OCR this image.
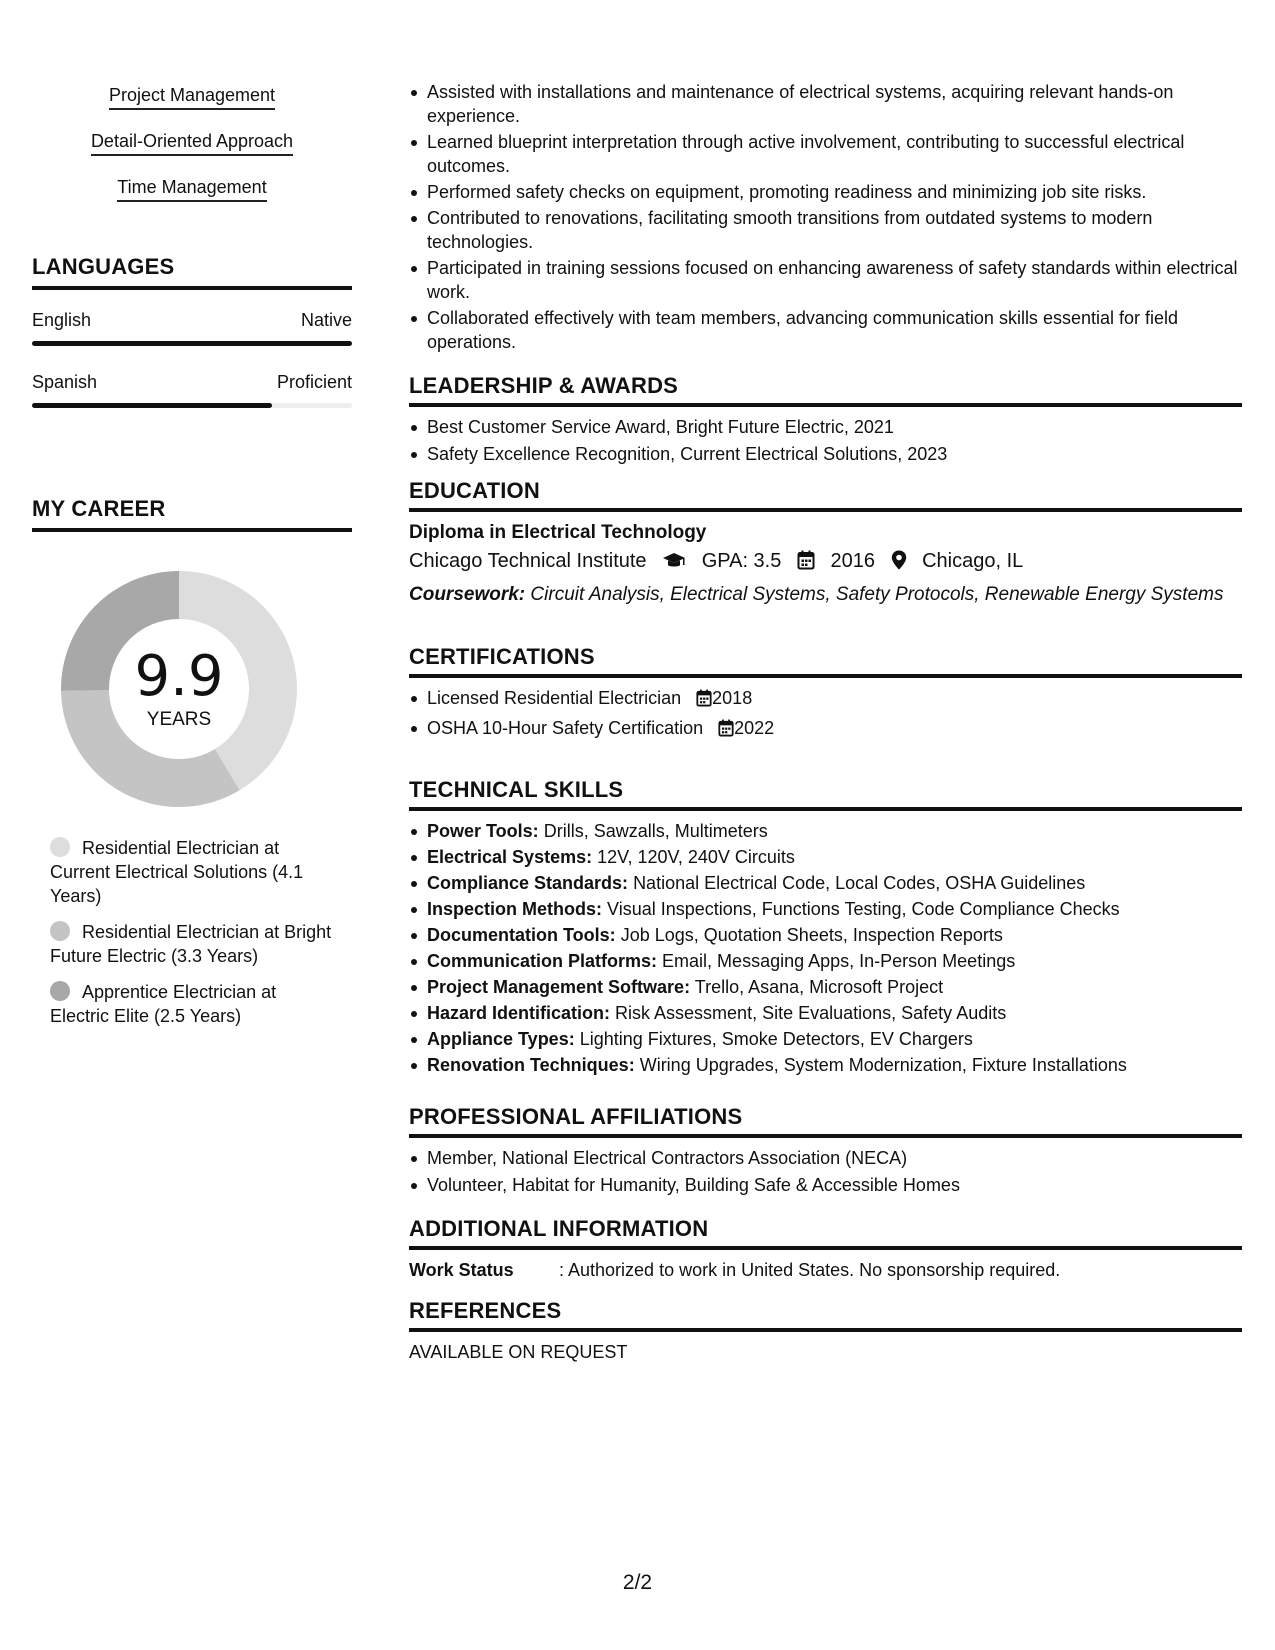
Project Management
Detail-Oriented Approach
Time Management
LANGUAGES
English	Native
Spanish	Proficient
MY CAREER
9.9
YEARS
Residential Electrician at Current Electrical Solutions (4.1 Years)
Residential Electrician at Bright Future Electric (3.3 Years)
Apprentice Electrician at Electric Elite (2.5 Years)
Assisted with installations and maintenance of electrical systems, acquiring relevant hands-on experience.
Learned blueprint interpretation through active involvement, contributing to successful electrical outcomes.
Performed safety checks on equipment, promoting readiness and minimizing job site risks.
Contributed to renovations, facilitating smooth transitions from outdated systems to modern technologies.
Participated in training sessions focused on enhancing awareness of safety standards within electrical work.
Collaborated effectively with team members, advancing communication skills essential for field operations.
LEADERSHIP & AWARDS
Best Customer Service Award, Bright Future Electric, 2021
Safety Excellence Recognition, Current Electrical Solutions, 2023
EDUCATION
Diploma in Electrical Technology
Chicago Technical Institute	GPA: 3.5 2016 Chicago, IL
Coursework: Circuit Analysis, Electrical Systems, Safety Protocols, Renewable Energy Systems
CERTIFICATIONS
Licensed Residential Electrician 2018
OSHA 10-Hour Safety Certification 2022
TECHNICAL SKILLS
Power Tools: Drills, Sawzalls, Multimeters
Electrical Systems: 12V, 120V, 240V Circuits
Compliance Standards: National Electrical Code, Local Codes, OSHA Guidelines
Inspection Methods: Visual Inspections, Functions Testing, Code Compliance Checks
Documentation Tools: Job Logs, Quotation Sheets, Inspection Reports
Communication Platforms: Email, Messaging Apps, In-Person Meetings
Project Management Software: Trello, Asana, Microsoft Project
Hazard Identification: Risk Assessment, Site Evaluations, Safety Audits
Appliance Types: Lighting Fixtures, Smoke Detectors, EV Chargers
Renovation Techniques: Wiring Upgrades, System Modernization, Fixture Installations
PROFESSIONAL AFFILIATIONS
Member, National Electrical Contractors Association (NECA)
Volunteer, Habitat for Humanity, Building Safe & Accessible Homes
ADDITIONAL INFORMATION
Work Status	: Authorized to work in United States. No sponsorship required.
REFERENCES
AVAILABLE ON REQUEST
2/2
